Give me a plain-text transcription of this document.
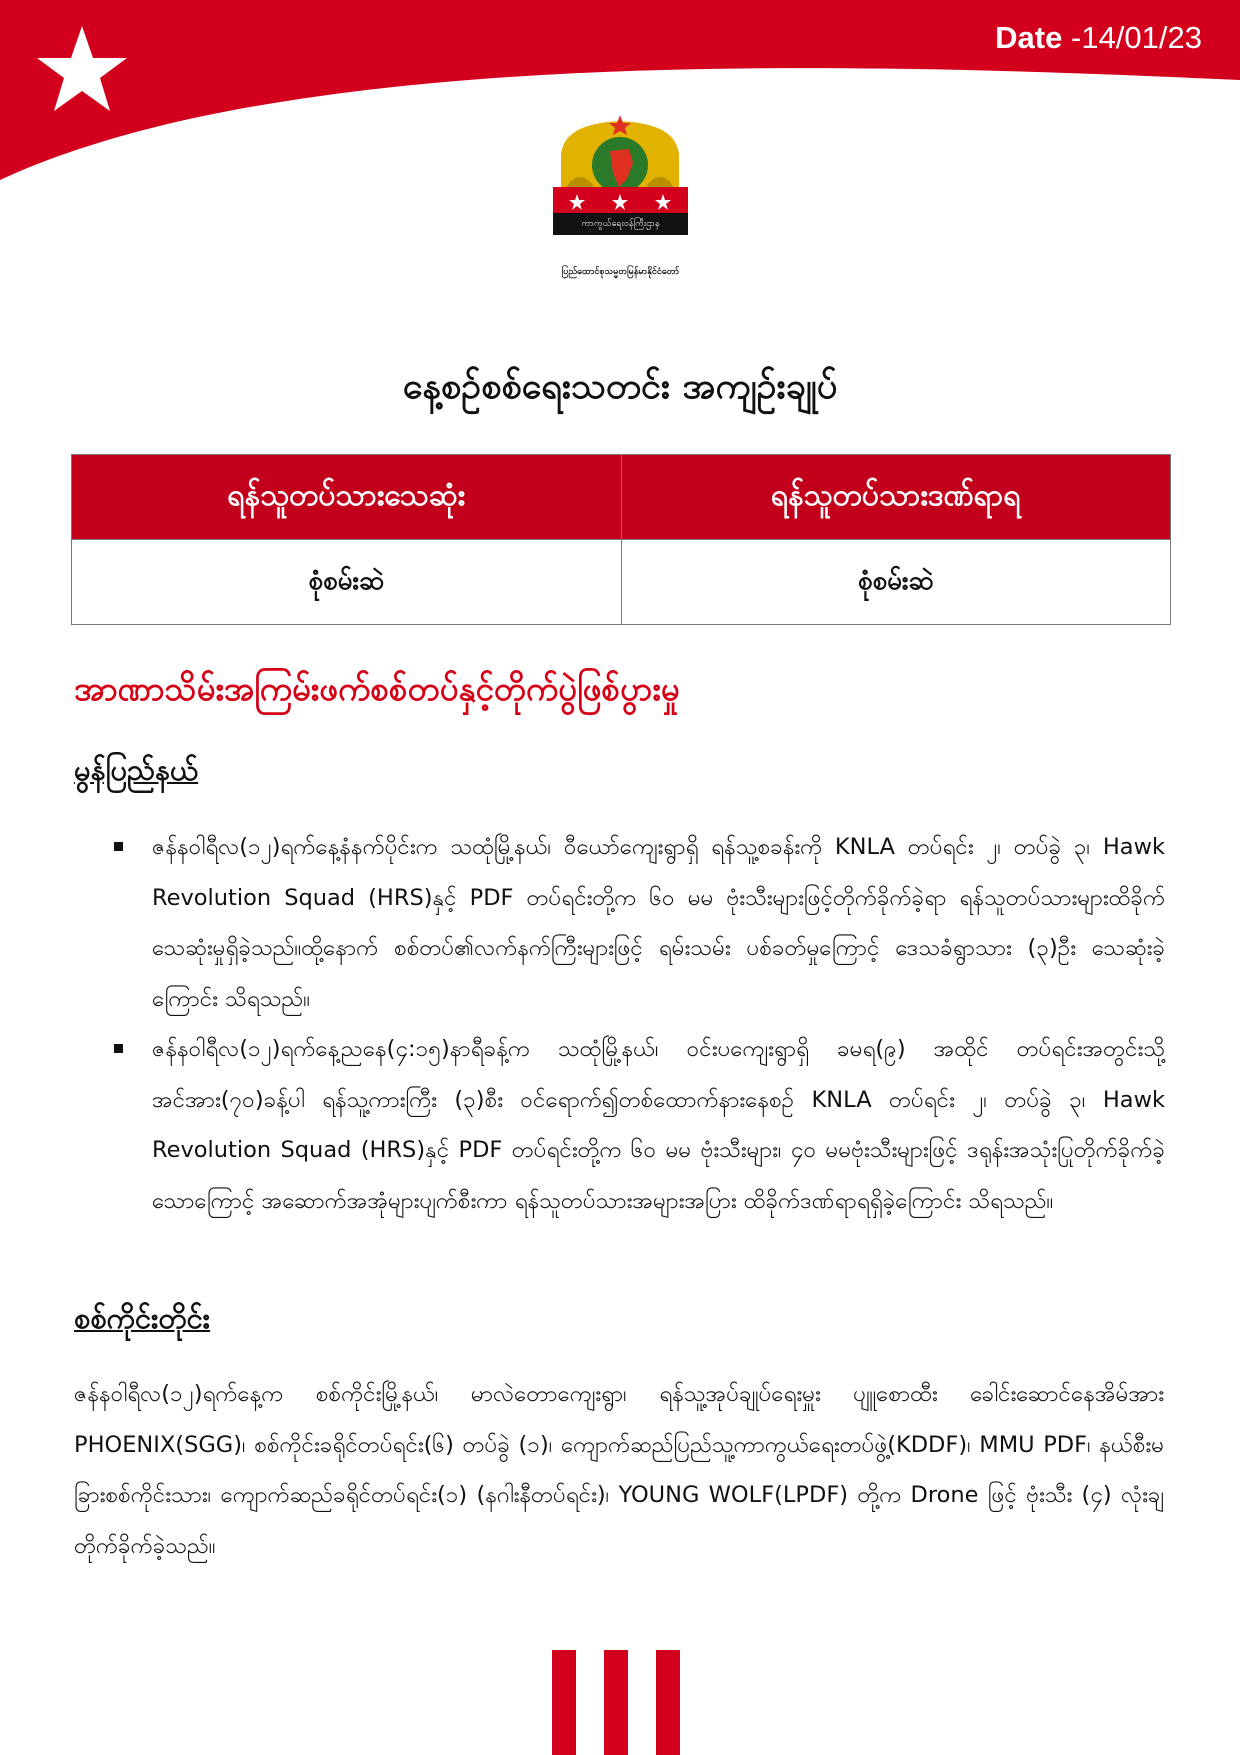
Date -14/01/23
ကာကွယ်ရေးဝန်ကြီးဌာန
ပြည်ထောင်စုသမ္မတမြန်မာနိုင်ငံတော်
နေ့စဉ်စစ်ရေးသတင်း အကျဉ်းချုပ်
ရန်သူတပ်သားသေဆုံး	ရန်သူတပ်သားဒဏ်ရာရ
စုံစမ်းဆဲ	စုံစမ်းဆဲ
အာဏာသိမ်းအကြမ်းဖက်စစ်တပ်နှင့်တိုက်ပွဲဖြစ်ပွားမှု
မွန်ပြည်နယ်
ဇန်နဝါရီလ(၁၂)ရက်နေ့နံနက်ပိုင်းက သထုံမြို့နယ်၊ ဝီယော်ကျေးရွာရှိ ရန်သူ့စခန်းကို KNLA တပ်ရင်း ၂၊ တပ်ခွဲ ၃၊ Hawk Revolution Squad (HRS)နှင့် PDF တပ်ရင်းတို့က ၆၀ မမ ဗုံးသီးများဖြင့်တိုက်ခိုက်ခဲ့ရာ ရန်သူတပ်သားများထိခိုက်သေဆုံးမှုရှိခဲ့သည်။ထို့နောက် စစ်တပ်၏လက်နက်ကြီးများဖြင့် ရမ်းသမ်း ပစ်ခတ်မှုကြောင့် ဒေသခံရွာသား (၃)ဦး သေဆုံးခဲ့ကြောင်း သိရသည်။
ဇန်နဝါရီလ(၁၂)ရက်နေ့ညနေ(၄:၁၅)နာရီခန့်က သထုံမြို့နယ်၊ ဝင်းပကျေးရွာရှိ ခမရ(၉) အထိုင် တပ်ရင်းအတွင်းသို့ အင်အား(၇၀)ခန့်ပါ ရန်သူ့ကားကြီး (၃)စီး ဝင်ရောက်၍တစ်ထောက်နားနေစဉ် KNLA တပ်ရင်း ၂၊ တပ်ခွဲ ၃၊ Hawk Revolution Squad (HRS)နှင့် PDF တပ်ရင်းတို့က ၆၀ မမ ဗုံးသီးများ၊ ၄၀ မမဗုံးသီးများဖြင့် ဒရုန်းအသုံးပြုတိုက်ခိုက်ခဲ့သောကြောင့် အဆောက်အအုံများပျက်စီးကာ ရန်သူတပ်သားအများအပြား ထိခိုက်ဒဏ်ရာရရှိခဲ့ကြောင်း သိရသည်။
စစ်ကိုင်းတိုင်း
ဇန်နဝါရီလ(၁၂)ရက်နေ့က စစ်ကိုင်းမြို့နယ်၊ မာလဲတောကျေးရွာ၊ ရန်သူ့အုပ်ချုပ်ရေးမှူး ပျူစောထီး ခေါင်းဆောင်နေအိမ်အား PHOENIX(SGG)၊ စစ်ကိုင်းခရိုင်တပ်ရင်း(၆) တပ်ခွဲ (၁)၊ ကျောက်ဆည်ပြည်သူ့ကာကွယ်ရေးတပ်ဖွဲ့(KDDF)၊ MMU PDF၊ နယ်စီးမခြားစစ်ကိုင်းသား၊ ကျောက်ဆည်ခရိုင်တပ်ရင်း(၁) (နဂါးနီတပ်ရင်း)၊ YOUNG WOLF(LPDF) တို့က Drone ဖြင့် ဗုံးသီး (၄) လုံးချတိုက်ခိုက်ခဲ့သည်။
